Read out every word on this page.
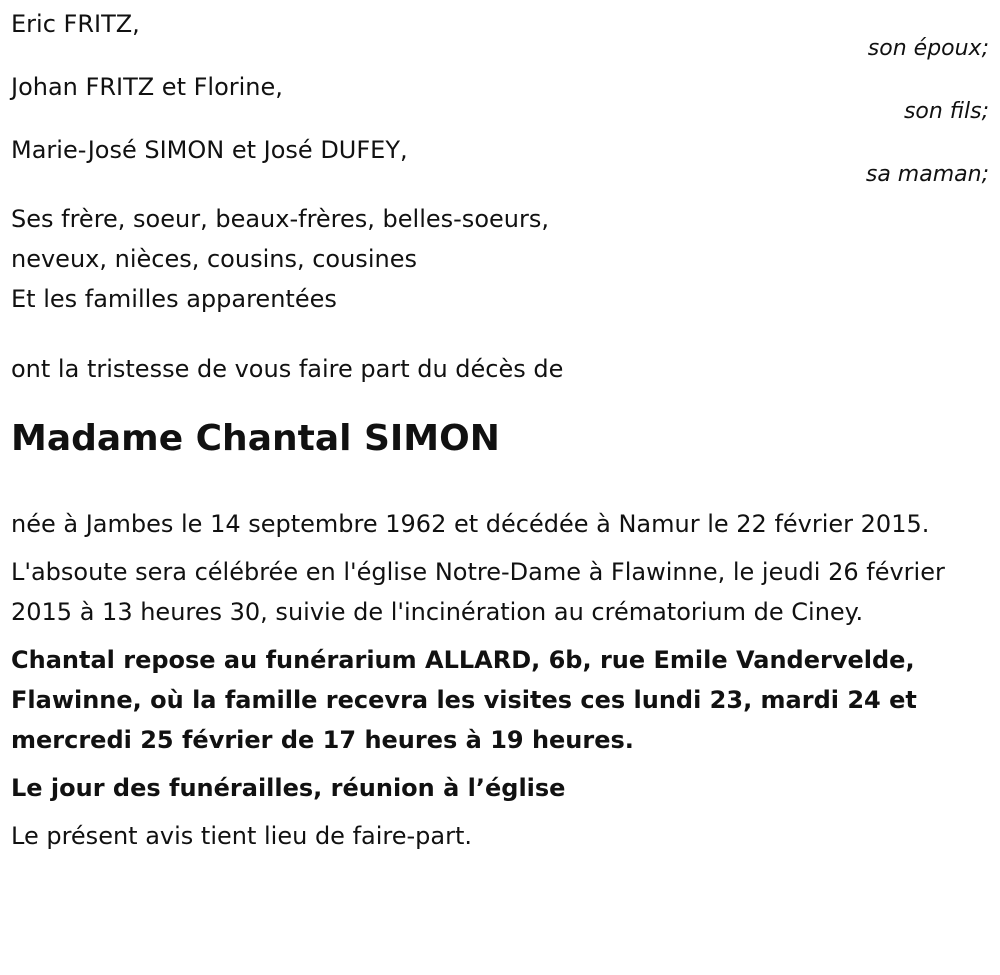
Eric FRITZ,
son époux;
Johan FRITZ et Florine,
son fils;
Marie-José SIMON et José DUFEY,
sa maman;
Ses frère, soeur, beaux-frères, belles-soeurs,
neveux, nièces, cousins, cousines
Et les familles apparentées
ont la tristesse de vous faire part du décès de
Madame Chantal SIMON

née à Jambes le 14 septembre 1962 et décédée à Namur le 22 février 2015.

L'absoute sera célébrée en l'église Notre-Dame à Flawinne, le jeudi 26 février 2015 à 13 heures 30, suivie de l'incinération au crématorium de Ciney.

Chantal repose au funérarium ALLARD, 6b, rue Emile Vandervelde, Flawinne, où la famille recevra les visites ces lundi 23, mardi 24 et mercredi 25 février de 17 heures à 19 heures.

Le jour des funérailles, réunion à l’église

Le présent avis tient lieu de faire-part.
